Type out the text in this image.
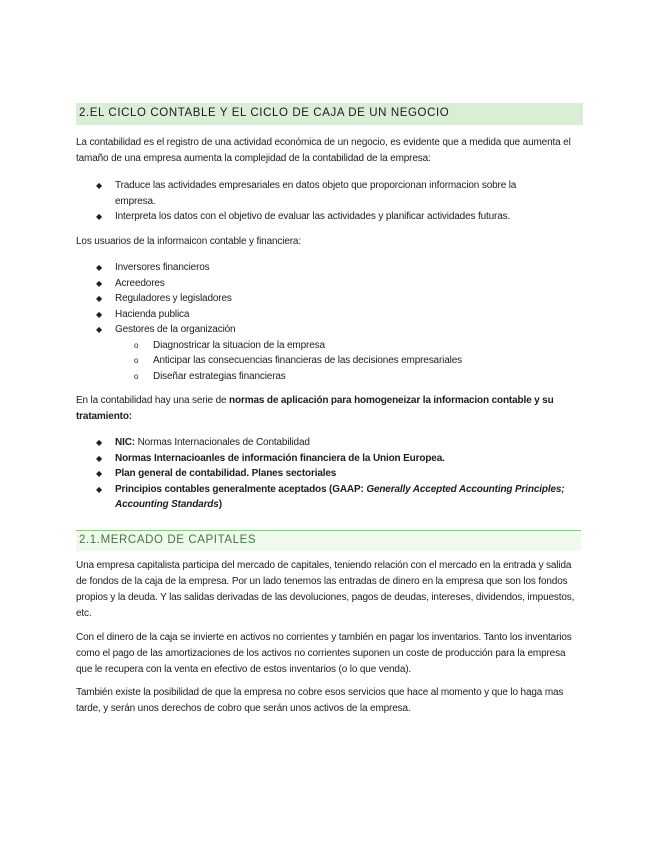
2.EL CICLO CONTABLE Y EL CICLO DE CAJA DE UN NEGOCIO

La contabilidad es el registro de una actividad económica de un negocio, es evidente que a medida que aumenta el tamaño de una empresa aumenta la complejidad de la contabilidad de la empresa:

◆ Traduce las actividades empresariales en datos objeto que proporcionan informacion sobre la empresa.
◆ Interpreta los datos con el objetivo de evaluar las actividades y planificar actividades futuras.

Los usuarios de la informaicon contable y financiera:

◆ Inversores financieros
◆ Acreedores
◆ Reguladores y legisladores
◆ Hacienda publica
◆ Gestores de la organización
o Diagnostricar la situacion de la empresa
o Anticipar las consecuencias financieras de las decisiones empresariales
o Diseñar estrategias financieras

En la contabilidad hay una serie de normas de aplicación para homogeneizar la informacion contable y su tratamiento:

◆ NIC: Normas Internacionales de Contabilidad
◆ Normas Internacioanles de información financiera de la Union Europea.
◆ Plan general de contabilidad. Planes sectoriales
◆ Principios contables generalmente aceptados (GAAP: Generally Accepted Accounting Principles; Accounting Standards)
2.1.MERCADO DE CAPITALES

Una empresa capitalista participa del mercado de capitales, teniendo relación con el mercado en la entrada y salida de fondos de la caja de la empresa. Por un lado tenemos las entradas de dinero en la empresa que son los fondos propios y la deuda. Y las salidas derivadas de las devoluciones, pagos de deudas, intereses, dividendos, impuestos, etc.

Con el dinero de la caja se invierte en activos no corrientes y también en pagar los inventarios. Tanto los inventarios como el pago de las amortizaciones de los activos no corrientes suponen un coste de producción para la empresa que le recupera con la venta en efectivo de estos inventarios (o lo que venda).

También existe la posibilidad de que la empresa no cobre esos servicios que hace al momento y que lo haga mas tarde, y serán unos derechos de cobro que serán unos activos de la empresa.
